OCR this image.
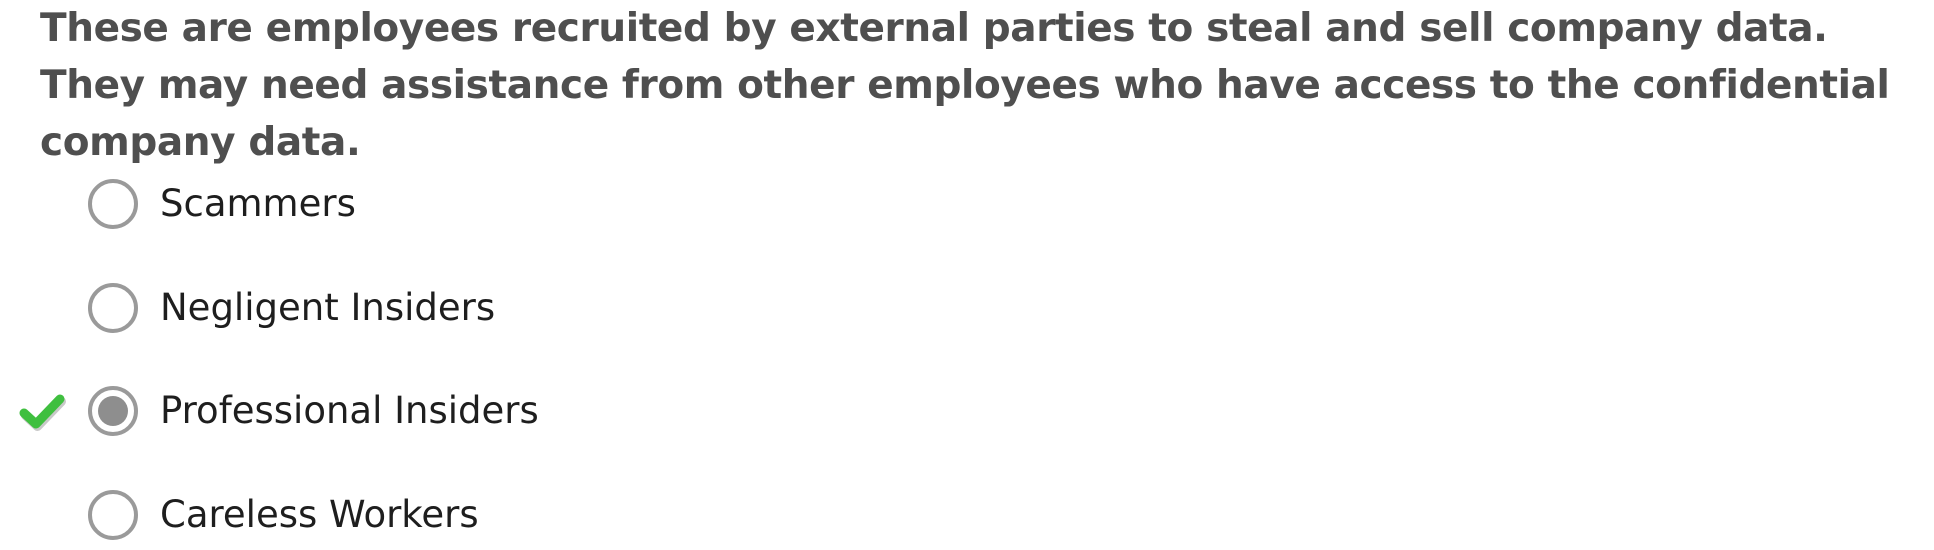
These are employees recruited by external parties to steal and sell company data. They may need assistance from other employees who have access to the confidential company data.

Scammers
Negligent Insiders
Professional Insiders
Careless Workers
